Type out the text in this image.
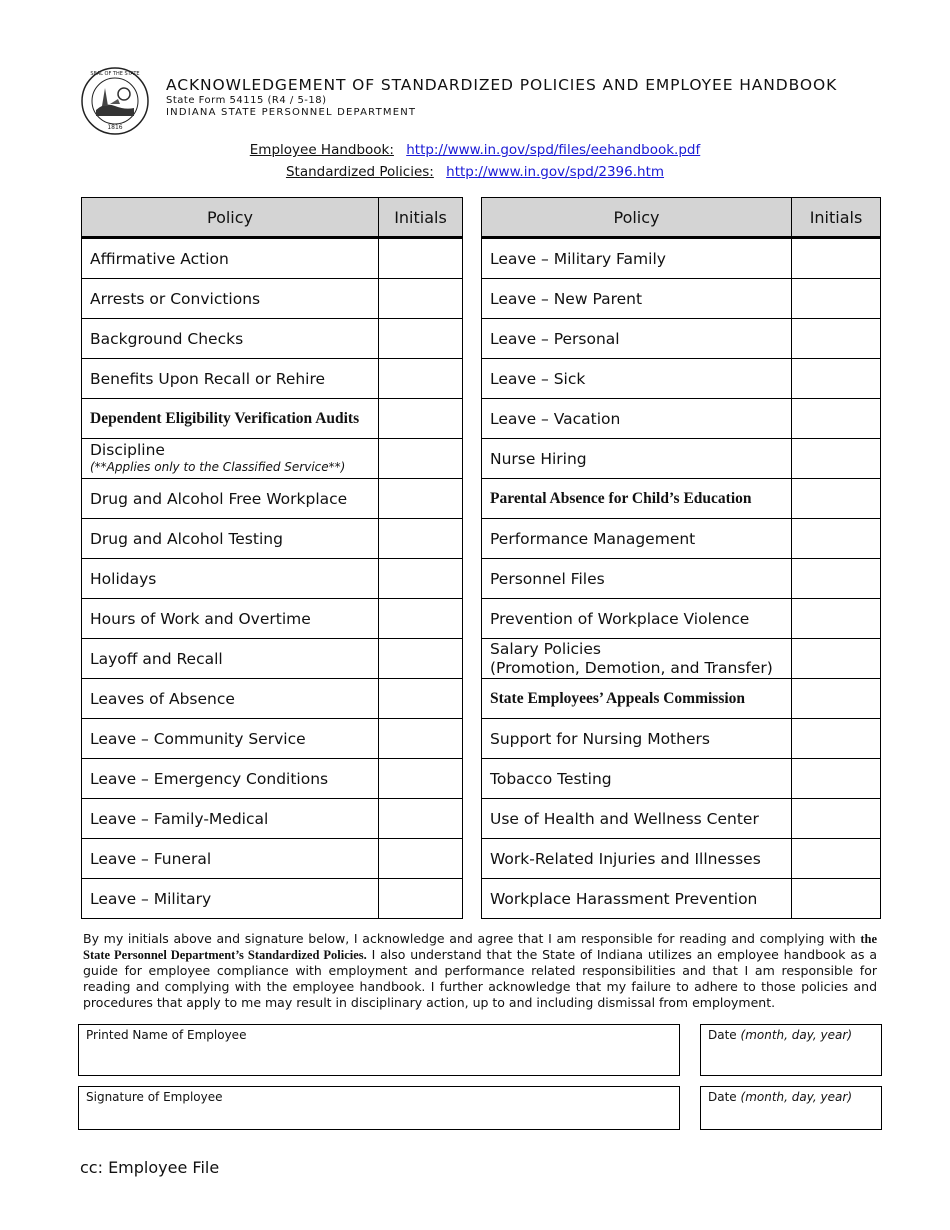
SEAL OF THE STATE
1816
ACKNOWLEDGEMENT OF STANDARDIZED POLICIES AND EMPLOYEE HANDBOOK
State Form 54115 (R4 / 5-18)
INDIANA STATE PERSONNEL DEPARTMENT
Employee Handbook: http://www.in.gov/spd/files/eehandbook.pdf
Standardized Policies: http://www.in.gov/spd/2396.htm
Policy	Initials
Affirmative Action	
Arrests or Convictions	
Background Checks	
Benefits Upon Recall or Rehire	
Dependent Eligibility Verification Audits	

Discipline
(**Applies only to the Classified Service**)	

Drug and Alcohol Free Workplace	
Drug and Alcohol Testing	
Holidays	
Hours of Work and Overtime	
Layoff and Recall	
Leaves of Absence	
Leave – Community Service	
Leave – Emergency Conditions	
Leave – Family-Medical	
Leave – Funeral	
Leave – Military	
Policy	Initials
Leave – Military Family	
Leave – New Parent	
Leave – Personal	
Leave – Sick	
Leave – Vacation	
Nurse Hiring	
Parental Absence for Child’s Education	
Performance Management	
Personnel Files	
Prevention of Workplace Violence	

Salary Policies
(Promotion, Demotion, and Transfer)	

State Employees’ Appeals Commission	
Support for Nursing Mothers	
Tobacco Testing	
Use of Health and Wellness Center	
Work-Related Injuries and Illnesses	
Workplace Harassment Prevention	
By my initials above and signature below, I acknowledge and agree that I am responsible for reading and complying with the State Personnel Department’s Standardized Policies. I also understand that the State of Indiana utilizes an employee handbook as a guide for employee compliance with employment and performance related responsibilities and that I am responsible for reading and complying with the employee handbook. I further acknowledge that my failure to adhere to those policies and procedures that apply to me may result in disciplinary action, up to and including dismissal from employment.
Printed Name of Employee	Date (month, day, year)
Signature of Employee	Date (month, day, year)
cc: Employee File
